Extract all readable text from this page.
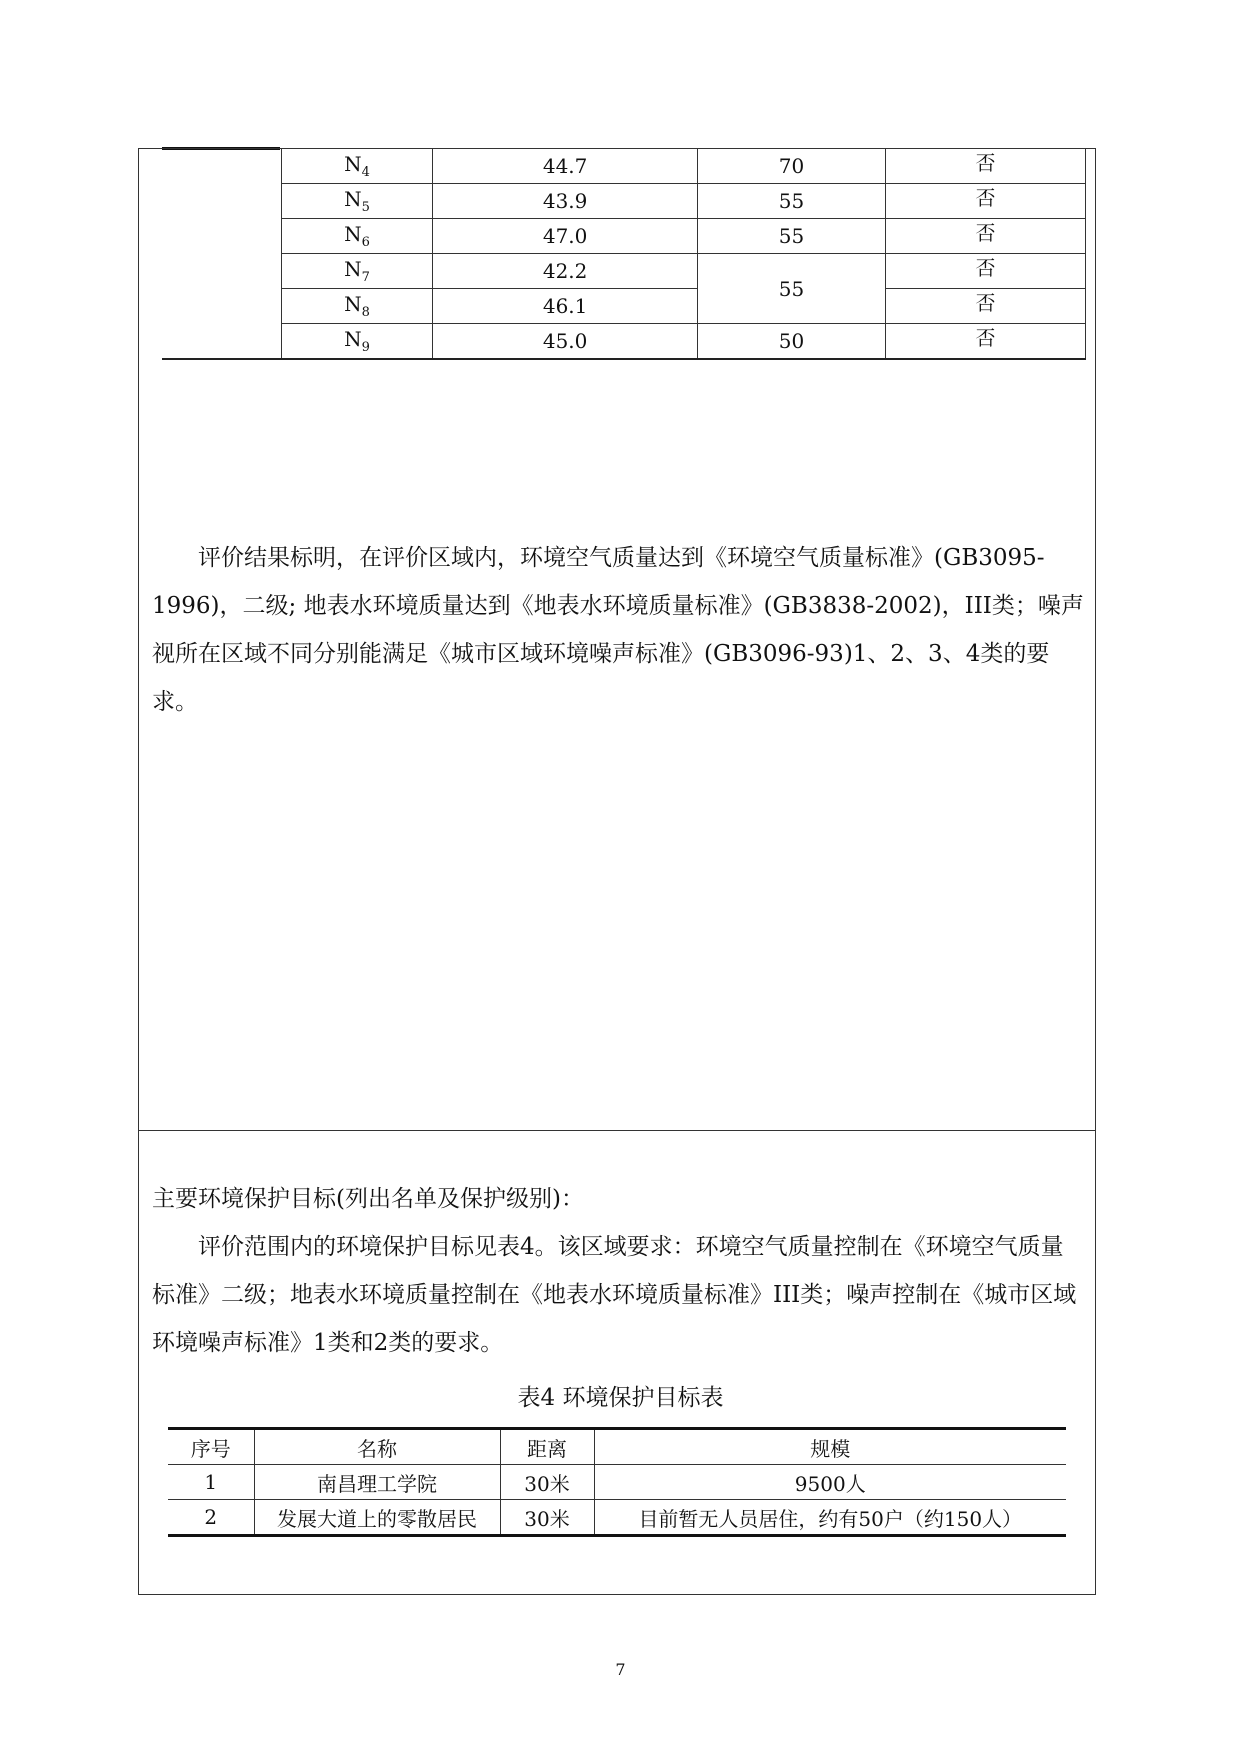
	$N_4$	44.7	70	否
	$N_5$	43.9	55	否
	$N_6$	47.0	55	否
	$N_7$	42.2	55	否
	$N_8$	46.1		否
	$N_9$	45.0	50	否

评价结果标明，在评价区域内，环境空气质量达到《环境空气质量标准》(GB3095-1996)，二级; 地表水环境质量达到《地表水环境质量标准》(GB3838-2002)，III类；噪声视所在区域不同分别能满足《城市区域环境噪声标准》(GB3096-93)1、2、3、4类的要求。

主要环境保护目标(列出名单及保护级别)：

评价范围内的环境保护目标见表4。该区域要求：环境空气质量控制在《环境空气质量标准》二级；地表水环境质量控制在《地表水环境质量标准》III类；噪声控制在《城市区域环境噪声标准》1类和2类的要求。

表4 环境保护目标表
序号	名称	距离	规模
1	南昌理工学院	30米	9500人
2	发展大道上的零散居民	30米	目前暂无人员居住，约有50户（约150人）
7
